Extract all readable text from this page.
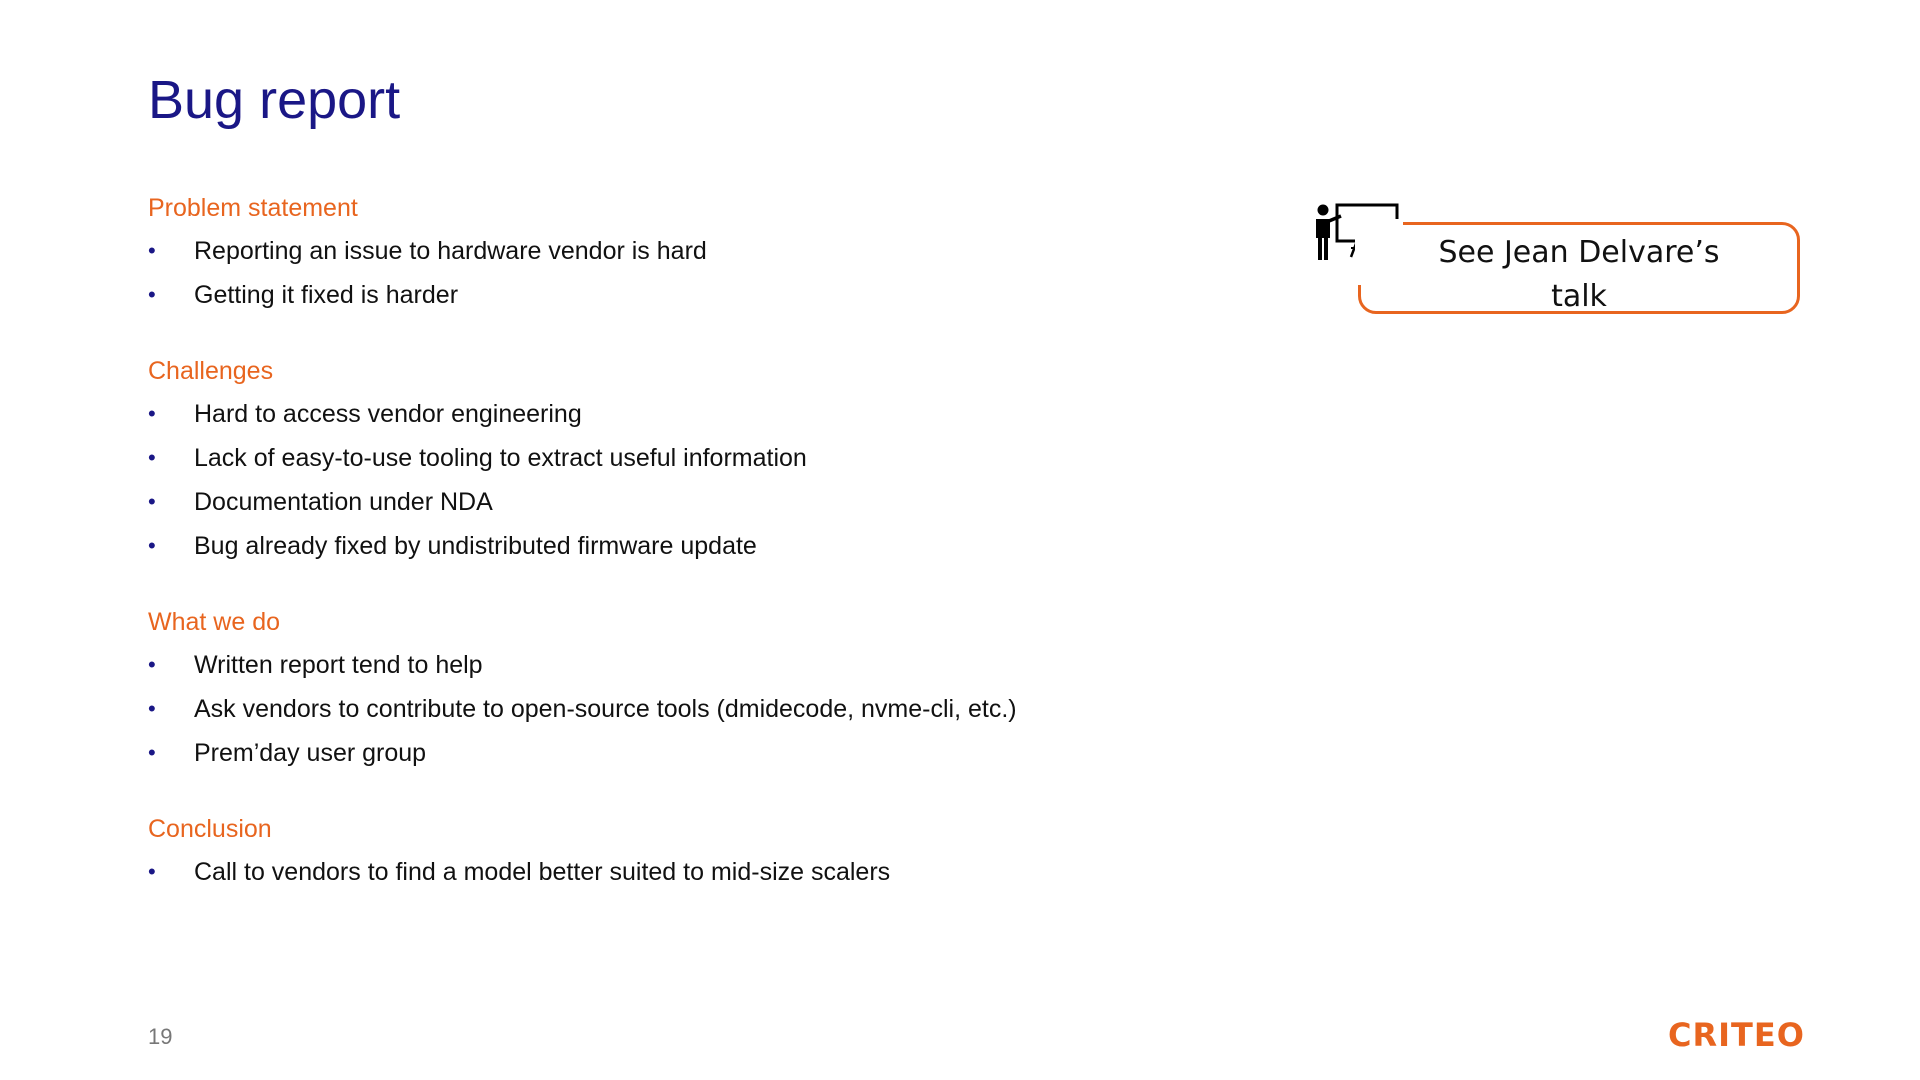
Bug report
Problem statement
• Reporting an issue to hardware vendor is hard
• Getting it fixed is harder
Challenges
• Hard to access vendor engineering
• Lack of easy-to-use tooling to extract useful information
• Documentation under NDA
• Bug already fixed by undistributed firmware update
What we do
• Written report tend to help
• Ask vendors to contribute to open-source tools (dmidecode, nvme-cli, etc.)
• Prem’day user group
Conclusion
• Call to vendors to find a model better suited to mid-size scalers
See Jean Delvare’s
talk
19	CRITEO
